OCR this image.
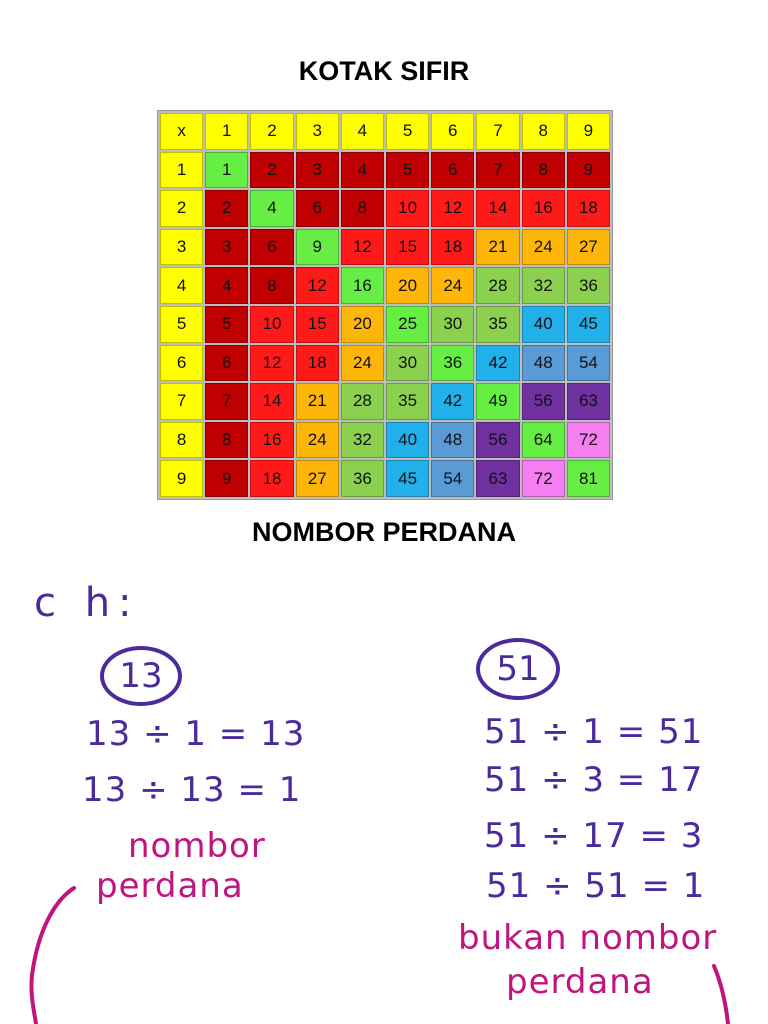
KOTAK SIFIR
x	1	2	3	4	5	6	7	8	9
1	1	2	3	4	5	6	7	8	9
2	2	4	6	8	10	12	14	16	18
3	3	6	9	12	15	18	21	24	27
4	4	8	12	16	20	24	28	32	36
5	5	10	15	20	25	30	35	40	45
6	6	12	18	24	30	36	42	48	54
7	7	14	21	28	35	42	49	56	63
8	8	16	24	32	40	48	56	64	72
9	9	18	27	36	45	54	63	72	81
NOMBOR PERDANA
c h:
13
13 ÷ 1 = 13
13 ÷ 13 = 1
nombor
perdana
51
51 ÷ 1 = 51
51 ÷ 3 = 17
51 ÷ 17 = 3
51 ÷ 51 = 1
bukan nombor
perdana
